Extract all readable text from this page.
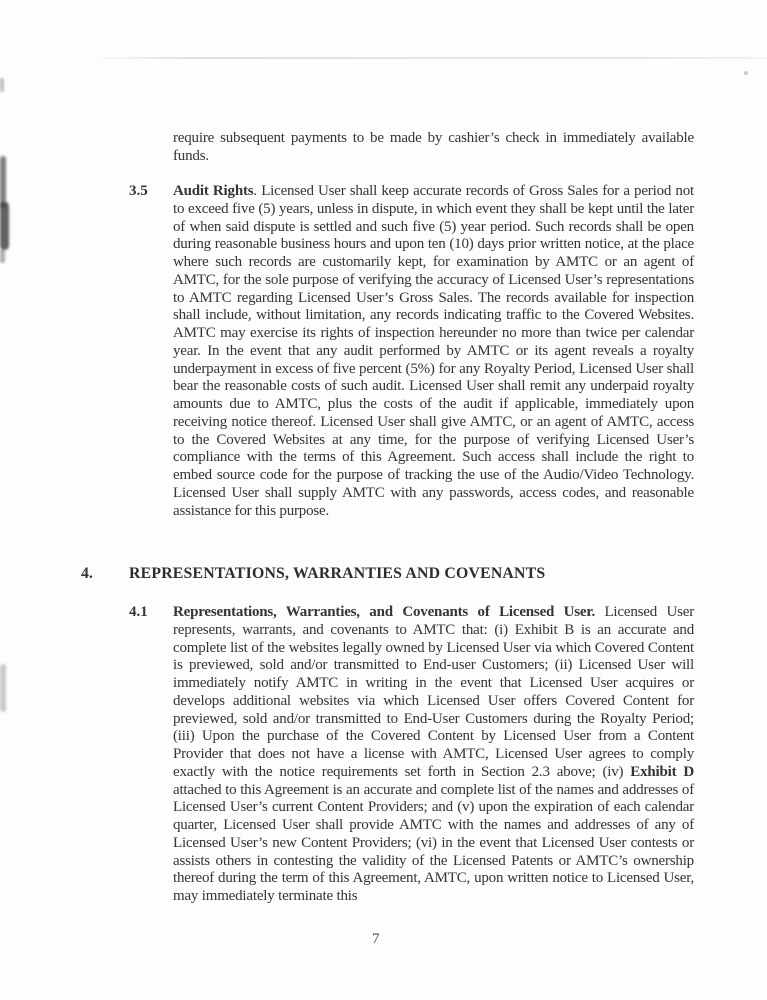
require subsequent payments to be made by cashier’s check in immediately available funds.

3.5 Audit Rights. Licensed User shall keep accurate records of Gross Sales for a period not to exceed five (5) years, unless in dispute, in which event they shall be kept until the later of when said dispute is settled and such five (5) year period. Such records shall be open during reasonable business hours and upon ten (10) days prior written notice, at the place where such records are customarily kept, for examination by AMTC or an agent of AMTC, for the sole purpose of verifying the accuracy of Licensed User’s representations to AMTC regarding Licensed User’s Gross Sales. The records available for inspection shall include, without limitation, any records indicating traffic to the Covered Websites. AMTC may exercise its rights of inspection hereunder no more than twice per calendar year. In the event that any audit performed by AMTC or its agent reveals a royalty underpayment in excess of five percent (5%) for any Royalty Period, Licensed User shall bear the reasonable costs of such audit. Licensed User shall remit any underpaid royalty amounts due to AMTC, plus the costs of the audit if applicable, immediately upon receiving notice thereof. Licensed User shall give AMTC, or an agent of AMTC, access to the Covered Websites at any time, for the purpose of verifying Licensed User’s compliance with the terms of this Agreement. Such access shall include the right to embed source code for the purpose of tracking the use of the Audio/Video Technology. Licensed User shall supply AMTC with any passwords, access codes, and reasonable assistance for this purpose.

4. REPRESENTATIONS, WARRANTIES AND COVENANTS
4.1 Representations, Warranties, and Covenants of Licensed User. Licensed User represents, warrants, and covenants to AMTC that: (i) Exhibit B is an accurate and complete list of the websites legally owned by Licensed User via which Covered Content is previewed, sold and/or transmitted to End-user Customers; (ii) Licensed User will immediately notify AMTC in writing in the event that Licensed User acquires or develops additional websites via which Licensed User offers Covered Content for previewed, sold and/or transmitted to End-User Customers during the Royalty Period; (iii) Upon the purchase of the Covered Content by Licensed User from a Content Provider that does not have a license with AMTC, Licensed User agrees to comply exactly with the notice requirements set forth in Section 2.3 above; (iv) Exhibit D attached to this Agreement is an accurate and complete list of the names and addresses of Licensed User’s current Content Providers; and (v) upon the expiration of each calendar quarter, Licensed User shall provide AMTC with the names and addresses of any of Licensed User’s new Content Providers; (vi) in the event that Licensed User contests or assists others in contesting the validity of the Licensed Patents or AMTC’s ownership thereof during the term of this Agreement, AMTC, upon written notice to Licensed User, may immediately terminate this

7
